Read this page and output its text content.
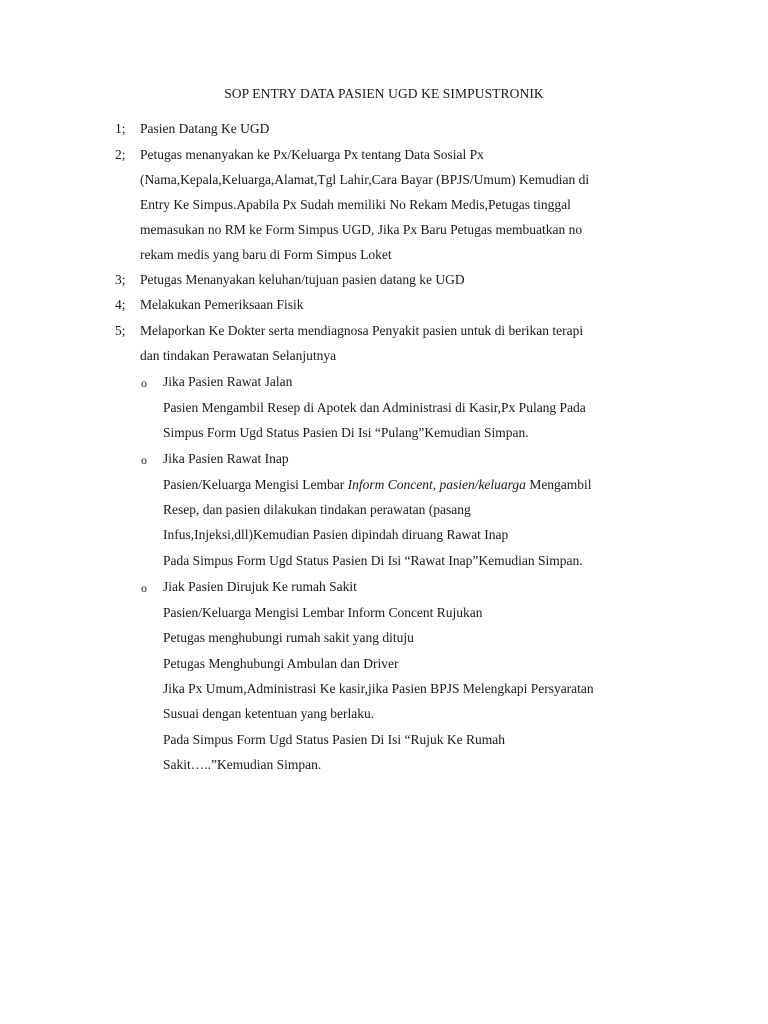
SOP ENTRY DATA PASIEN UGD KE SIMPUSTRONIK
1; Pasien Datang Ke UGD
2; Petugas menanyakan ke Px/Keluarga Px tentang Data Sosial Px
(Nama,Kepala,Keluarga,Alamat,Tgl Lahir,Cara Bayar (BPJS/Umum) Kemudian di
Entry Ke Simpus.Apabila Px Sudah memiliki No Rekam Medis,Petugas tinggal
memasukan no RM ke Form Simpus UGD, Jika Px Baru Petugas membuatkan no
rekam medis yang baru di Form Simpus Loket
3; Petugas Menanyakan keluhan/tujuan pasien datang ke UGD
4; Melakukan Pemeriksaan Fisik
5; Melaporkan Ke Dokter serta mendiagnosa Penyakit pasien untuk di berikan terapi
dan tindakan Perawatan Selanjutnya
o Jika Pasien Rawat Jalan
Pasien Mengambil Resep di Apotek dan Administrasi di Kasir,Px Pulang Pada
Simpus Form Ugd Status Pasien Di Isi “Pulang”Kemudian Simpan.
o Jika Pasien Rawat Inap
Pasien/Keluarga Mengisi Lembar Inform Concent, pasien/keluarga Mengambil
Resep, dan pasien dilakukan tindakan perawatan (pasang
Infus,Injeksi,dll)Kemudian Pasien dipindah diruang Rawat Inap
Pada Simpus Form Ugd Status Pasien Di Isi “Rawat Inap”Kemudian Simpan.
o Jiak Pasien Dirujuk Ke rumah Sakit
Pasien/Keluarga Mengisi Lembar Inform Concent Rujukan
Petugas menghubungi rumah sakit yang dituju
Petugas Menghubungi Ambulan dan Driver
Jika Px Umum,Administrasi Ke kasir,jika Pasien BPJS Melengkapi Persyaratan
Susuai dengan ketentuan yang berlaku.
Pada Simpus Form Ugd Status Pasien Di Isi “Rujuk Ke Rumah
Sakit…..”Kemudian Simpan.
